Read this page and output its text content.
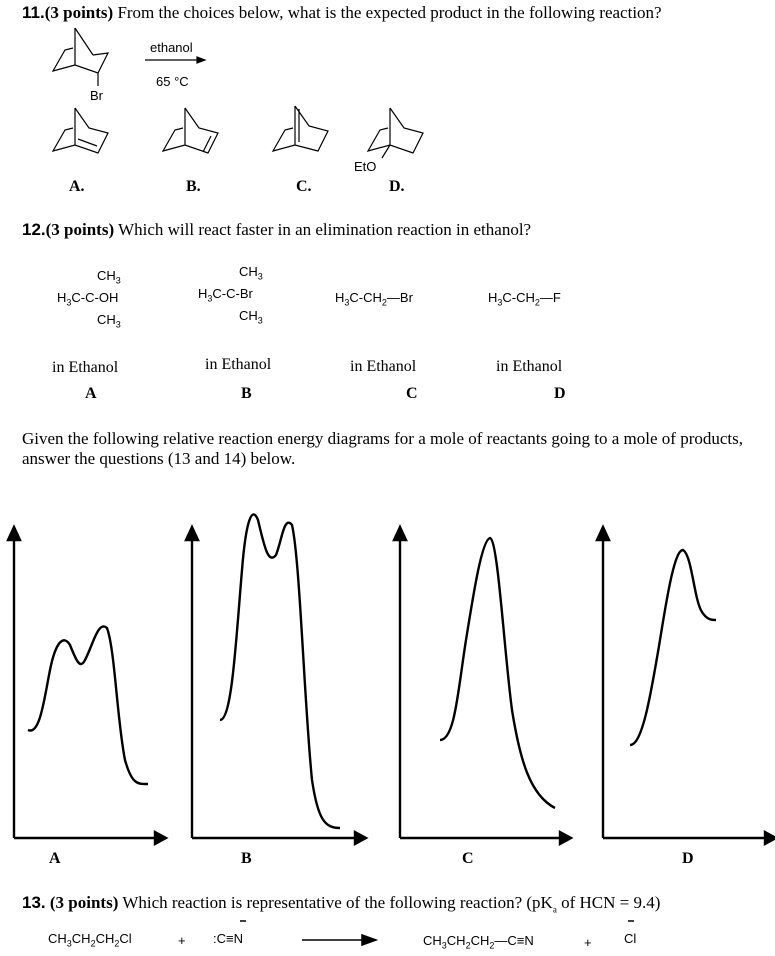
11.(3 points) From the choices below, what is the expected product in the following reaction?
ethanol
65 °C
Br
EtO
A.	B.	C.	D.
12.(3 points) Which will react faster in an elimination reaction in ethanol?
$CH_3$
$H_3C-C-OH$
$CH_3$
$CH_3$
$H_3C-C-Br$
$CH_3$
$H_3C-CH_2—Br$	$H_3C-CH_2—F$
in Ethanol	in Ethanol	in Ethanol	in Ethanol
A	B	C	D
Given the following relative reaction energy diagrams for a mole of reactants going to a mole of products, answer the questions (13 and 14) below.
A	B	C	D
13. (3 points) Which reaction is representative of the following reaction? ($pK_a$ of HCN = 9.4)
$CH_3CH_2CH_2Cl$	+ :C≡N	$CH_3CH_2CH_2—C\equiv N$	+ Cl
